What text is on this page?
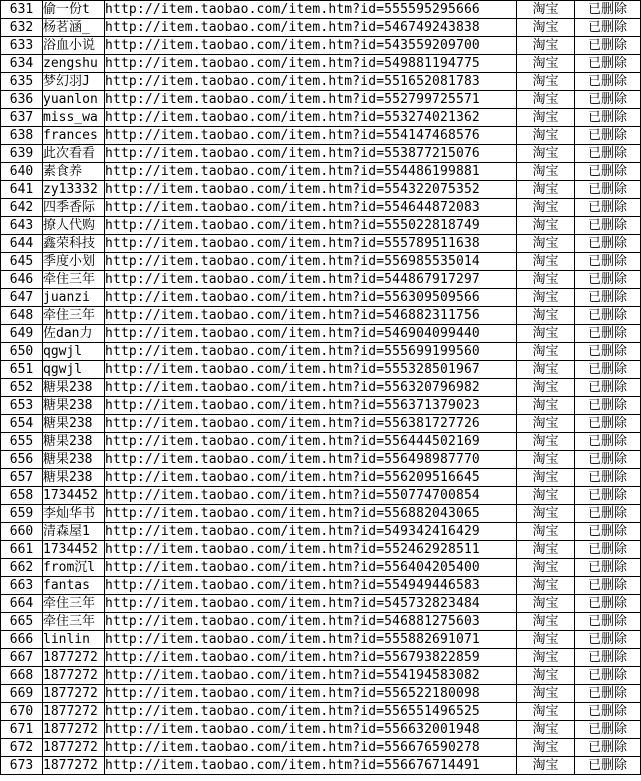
631	偷一份t	http://item.taobao.com/item.htm?id=555595295666	淘宝	已删除
632	杨茗涵_	http://item.taobao.com/item.htm?id=546749243838	淘宝	已删除
633	浴血小说	http://item.taobao.com/item.htm?id=543559209700	淘宝	已删除
634	zengshu	http://item.taobao.com/item.htm?id=549881194775	淘宝	已删除
635	梦幻羽J	http://item.taobao.com/item.htm?id=551652081783	淘宝	已删除
636	yuanlon	http://item.taobao.com/item.htm?id=552799725571	淘宝	已删除
637	miss_wa	http://item.taobao.com/item.htm?id=553274021362	淘宝	已删除
638	frances	http://item.taobao.com/item.htm?id=554147468576	淘宝	已删除
639	此次看看	http://item.taobao.com/item.htm?id=553877215076	淘宝	已删除
640	素食养	http://item.taobao.com/item.htm?id=554486199881	淘宝	已删除
641	zy13332	http://item.taobao.com/item.htm?id=554322075352	淘宝	已删除
642	四季香际	http://item.taobao.com/item.htm?id=554644872083	淘宝	已删除
643	撩人代购	http://item.taobao.com/item.htm?id=555022818749	淘宝	已删除
644	鑫荣科技	http://item.taobao.com/item.htm?id=555789511638	淘宝	已删除
645	季度小划	http://item.taobao.com/item.htm?id=556985535014	淘宝	已删除
646	牵住三年	http://item.taobao.com/item.htm?id=544867917297	淘宝	已删除
647	juanzi	http://item.taobao.com/item.htm?id=556309509566	淘宝	已删除
648	牵住三年	http://item.taobao.com/item.htm?id=546882311756	淘宝	已删除
649	佐dan力	http://item.taobao.com/item.htm?id=546904099440	淘宝	已删除
650	qgwjl	http://item.taobao.com/item.htm?id=555699199560	淘宝	已删除
651	qgwjl	http://item.taobao.com/item.htm?id=555328501967	淘宝	已删除
652	糖果238	http://item.taobao.com/item.htm?id=556320796982	淘宝	已删除
653	糖果238	http://item.taobao.com/item.htm?id=556371379023	淘宝	已删除
654	糖果238	http://item.taobao.com/item.htm?id=556381727726	淘宝	已删除
655	糖果238	http://item.taobao.com/item.htm?id=556444502169	淘宝	已删除
656	糖果238	http://item.taobao.com/item.htm?id=556498987770	淘宝	已删除
657	糖果238	http://item.taobao.com/item.htm?id=556209516645	淘宝	已删除
658	1734452	http://item.taobao.com/item.htm?id=550774700854	淘宝	已删除
659	李灿华书	http://item.taobao.com/item.htm?id=556882043065	淘宝	已删除
660	清森屋1	http://item.taobao.com/item.htm?id=549342416429	淘宝	已删除
661	1734452	http://item.taobao.com/item.htm?id=552462928511	淘宝	已删除
662	from沉l	http://item.taobao.com/item.htm?id=556404205400	淘宝	已删除
663	fantas	http://item.taobao.com/item.htm?id=554949446583	淘宝	已删除
664	牵住三年	http://item.taobao.com/item.htm?id=545732823484	淘宝	已删除
665	牵住三年	http://item.taobao.com/item.htm?id=546881275603	淘宝	已删除
666	linlin	http://item.taobao.com/item.htm?id=555882691071	淘宝	已删除
667	1877272	http://item.taobao.com/item.htm?id=556793822859	淘宝	已删除
668	1877272	http://item.taobao.com/item.htm?id=554194583082	淘宝	已删除
669	1877272	http://item.taobao.com/item.htm?id=556522180098	淘宝	已删除
670	1877272	http://item.taobao.com/item.htm?id=556551496525	淘宝	已删除
671	1877272	http://item.taobao.com/item.htm?id=556632001948	淘宝	已删除
672	1877272	http://item.taobao.com/item.htm?id=556676590278	淘宝	已删除
673	1877272	http://item.taobao.com/item.htm?id=556676714491	淘宝	已删除
